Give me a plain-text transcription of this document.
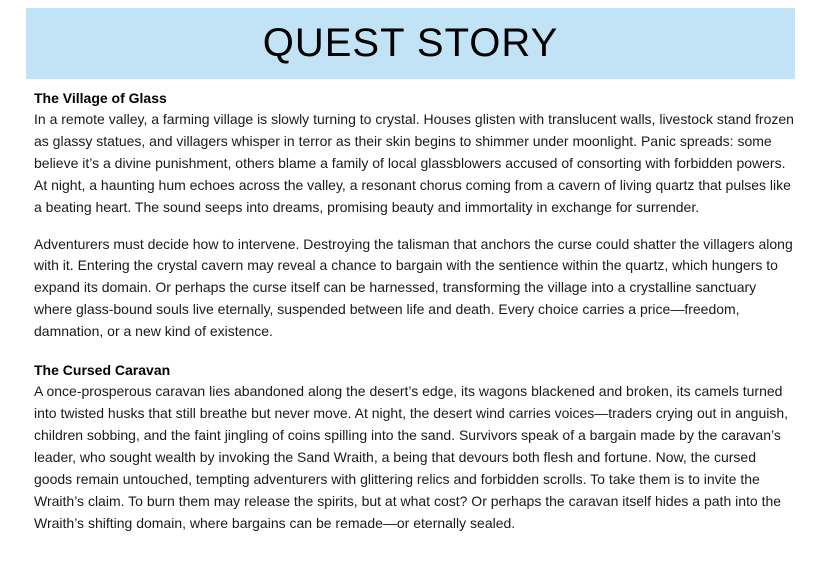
QUEST STORY
The Village of Glass

In a remote valley, a farming village is slowly turning to crystal. Houses glisten with translucent walls, livestock stand frozen as glassy statues, and villagers whisper in terror as their skin begins to shimmer under moonlight. Panic spreads: some believe it’s a divine punishment, others blame a family of local glassblowers accused of consorting with forbidden powers. At night, a haunting hum echoes across the valley, a resonant chorus coming from a cavern of living quartz that pulses like a beating heart. The sound seeps into dreams, promising beauty and immortality in exchange for surrender.

Adventurers must decide how to intervene. Destroying the talisman that anchors the curse could shatter the villagers along with it. Entering the crystal cavern may reveal a chance to bargain with the sentience within the quartz, which hungers to expand its domain. Or perhaps the curse itself can be harnessed, transforming the village into a crystalline sanctuary where glass-bound souls live eternally, suspended between life and death. Every choice carries a price—freedom, damnation, or a new kind of existence.

The Cursed Caravan

A once-prosperous caravan lies abandoned along the desert’s edge, its wagons blackened and broken, its camels turned into twisted husks that still breathe but never move. At night, the desert wind carries voices—traders crying out in anguish, children sobbing, and the faint jingling of coins spilling into the sand. Survivors speak of a bargain made by the caravan’s leader, who sought wealth by invoking the Sand Wraith, a being that devours both flesh and fortune. Now, the cursed goods remain untouched, tempting adventurers with glittering relics and forbidden scrolls. To take them is to invite the Wraith’s claim. To burn them may release the spirits, but at what cost? Or perhaps the caravan itself hides a path into the Wraith’s shifting domain, where bargains can be remade—or eternally sealed.
